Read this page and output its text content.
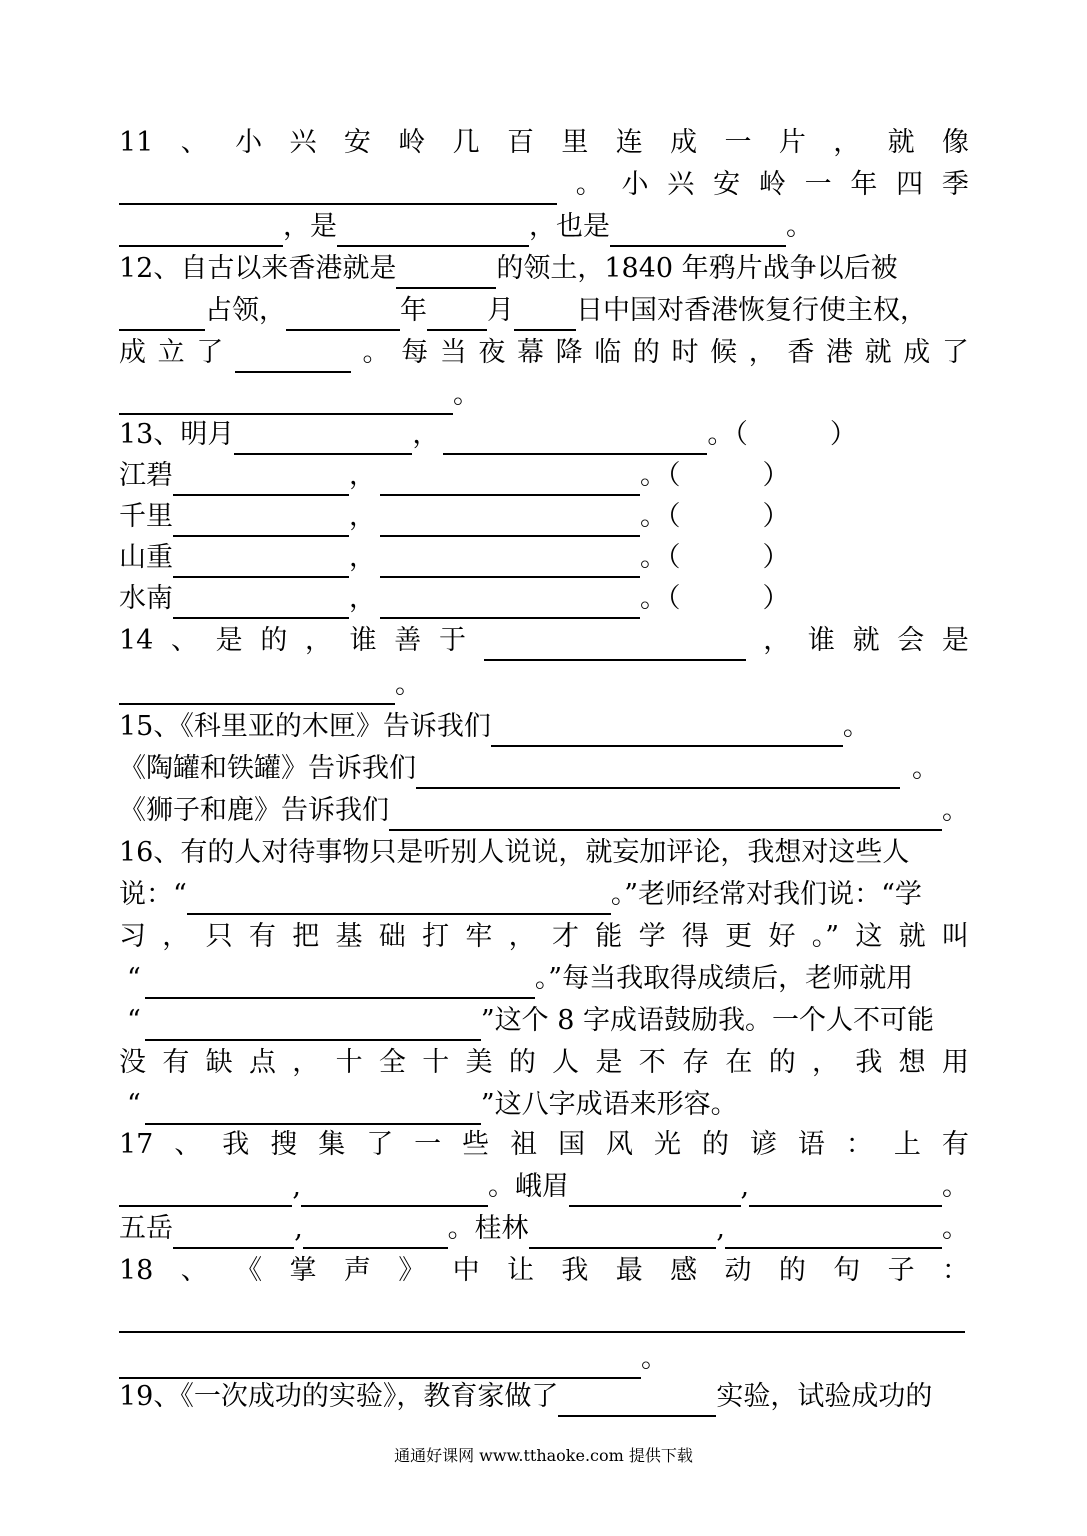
11 、 小 兴 安 岭 几 百 里 连 成 一 片 ， 就 像
。 小 兴 安 岭 一 年 四 季
，是	，也是	。
12、自古以来香港就是	的领土，1840 年鸦片战争以后被
占领，	年 月 日中国对香港恢复行使主权，
成 立 了	。 每 当 夜 幕 降 临 的 时 候 ， 香 港 就 成 了
。
13、明月	，	。（	）
江碧	，	。（	）
千里	，	。（	）
山重	，	。（	）
水南	，	。（	）
14 、 是 的 ， 谁 善 于	， 谁 就 会 是
。
15、《科里亚的木匣》告诉我们	。
《陶罐和铁罐》告诉我们	。
《狮子和鹿》告诉我们	。
16、有的人对待事物只是听别人说说，就妄加评论，我想对这些人
说：“	。”老师经常对我们说：“学
习 ， 只 有 把 基 础 打 牢 ， 才 能 学 得 更 好 。” 这 就 叫
“	。”每当我取得成绩后，老师就用
“	”这个 8 字成语鼓励我。一个人不可能
没 有 缺 点 ， 十 全 十 美 的 人 是 不 存 在 的 ， 我 想 用
“	”这八字成语来形容。
17 、 我 搜 集 了 一 些 祖 国 风 光 的 谚 语 ： 上 有
,	。峨眉	,	。
五岳	,	。桂林	,	。
18 、 《 掌 声 》 中 让 我 最 感 动 的 句 子 ：
。
19、《一次成功的实验》，教育家做了	实验，试验成功的
通通好课网 www.tthaoke.com 提供下载
